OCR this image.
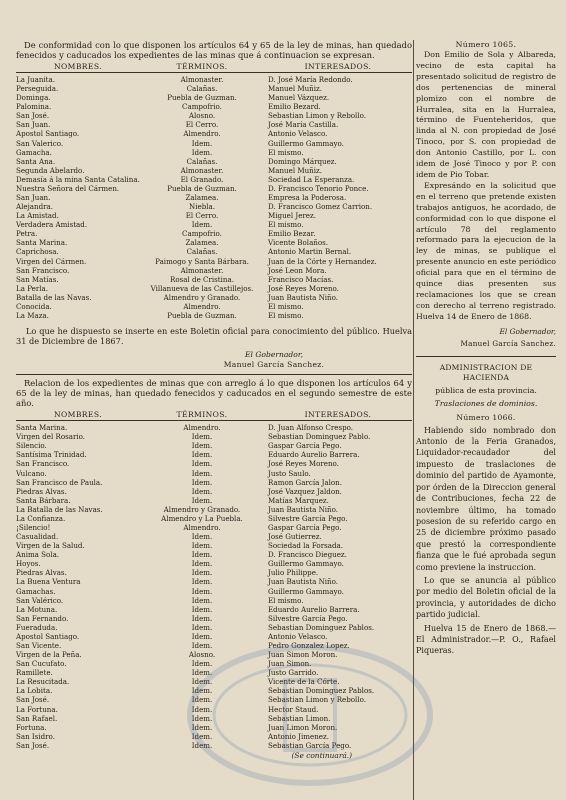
De conformidad con lo que disponen los artículos 64 y 65 de la ley de minas, han quedado fenecidos y caducados los expedientes de las minas que á continuacion se expresan.

NOMBRES.	TÉRMINOS.	INTERESADOS.
La Juanita.	Almonaster.	D. José María Redondo.
Perseguida.	Calañas.	Manuel Muñiz.
Dominga.	Puebla de Guzman.	Manuel Vázquez.
Palomina.	Campofrio.	Emilio Bezard.
San José.	Alosno.	Sebastian Limon y Rebollo.
San Juan.	El Cerro.	José María Castilla.
Apostol Santiago.	Almendro.	Antonio Velasco.
San Valerico.	Idem.	Guillermo Gammayo.
Gamacha.	Idem.	El mismo.
Santa Ana.	Calañas.	Domingo Márquez.
Segunda Abelardo.	Almonaster.	Manuel Muñiz.
Demasía á la mina Santa Catalina.	El Granado.	Sociedad La Esperanza.
Nuestra Señora del Cármen.	Puebla de Guzman.	D. Francisco Tenorio Ponce.
San Juan.	Zalamea.	Empresa la Poderosa.
Alejandra.	Niebla.	D. Francisco Gomez Carrion.
La Amistad.	El Cerro.	Miguel Jerez.
Verdadera Amistad.	Idem.	El mismo.
Petra.	Campofrio.	Emilio Bezar.
Santa Marina.	Zalamea.	Vicente Bolaños.
Caprichosa.	Calañas.	Antonio Martin Bernal.
Virgen del Cármen.	Paimogo y Santa Bárbara.	Juan de la Córte y Hernandez.
San Francisco.	Almonaster.	José Leon Mora.
San Matías.	Rosal de Cristina.	Francisco Macías.
La Perla.	Villanueva de las Castillejos.	José Reyes Moreno.
Batalla de las Navas.	Almendro y Granado.	Juan Bautista Niño.
Conocida.	Almendro.	El mismo.
La Maza.	Puebla de Guzman.	El mismo.

Lo que he dispuesto se inserte en este Boletin oficial para conocimiento del público. Huelva 31 de Diciembre de 1867.

El Gobernador,
Manuel García Sanchez.

Relacion de los expedientes de minas que con arreglo á lo que disponen los artículos 64 y 65 de la ley de minas, han quedado fenecidos y caducados en el segundo semestre de este año.

NOMBRES.	TÉRMINOS.	INTERESADOS.
Santa Marina.	Almendro.	D. Juan Alfonso Crespo.
Virgen del Rosario.	Idem.	Sebastian Dominguez Pablo.
Silencio.	Idem.	Gaspar García Pego.
Santísima Trinidad.	Idem.	Eduardo Aurelio Barrera.
San Francisco.	Idem.	José Reyes Moreno.
Vulcano.	Idem.	Justo Saulo.
San Francisco de Paula.	Idem.	Ramon García Jalon.
Piedras Alvas.	Idem.	José Vazquez Jaldon.
Santa Bárbara.	Idem.	Matías Marquez.
La Batalla de las Navas.	Almendro y Granado.	Juan Bautista Niño.
La Confianza.	Almendro y La Puebla.	Silvestre García Pego.
¡Silencio!	Almendro.	Gaspar García Pego.
Casualidad.	Idem.	José Gutierrez.
Virgen de la Salud.	Idem.	Sociedad la Forsada.
Anima Sola.	Idem.	D. Francisco Dieguez.
Hoyos.	Idem.	Guillermo Gammayo.
Piedras Alvas.	Idem.	Julio Philippe.
La Buena Ventura	Idem.	Juan Bautista Niño.
Gamachas.	Idem.	Guillermo Gammayo.
San Valérico.	Idem.	El mismo.
La Motuna.	Idem.	Eduardo Aurelio Barrera.
San Fernando.	Idem.	Silvestre García Pego.
Fueraduda.	Idem.	Sebastian Dominguez Pablos.
Apostol Santiago.	Idem.	Antonio Velasco.
San Vicente.	Idem.	Pedro Gonzalez Lopez.
Virgen de la Peña.	Alosno.	Juan Simon Moron.
San Cucufato.	Idem.	Juan Simon.
Ramillete.	Idem.	Justo Garrido.
La Resucitada.	Idem.	Vicente de la Córte.
La Lobita.	Idem.	Sebastian Dominguez Pablos.
San José.	Idem.	Sebastian Limon y Rebollo.
La Fortuna.	Idem.	Hector Staud.
San Rafael.	Idem.	Sebastian Limon.
Fortuna.	Idem.	Juan Limon Moron.
San Isidro.	Idem.	Antonio Jimenez.
San José.	Idem.	Sebastian García Pego.
(Se continuará.)
Número 1065.

Don Emilio de Sola y Albareda, vecino de esta capital ha presentado solicitud de registro de dos pertenencias de mineral plomizo con el nombre de Hurralea, sita en la Hurralea, término de Fuenteheridos, que linda al N. con propiedad de José Tinoco, por S. con propiedad de don Antonio Castillo, por L. con idem de José Tinoco y por P. con idem de Pio Tobar.

Expresándo en la solicitud que en el terreno que pretende existen trabajos antiguos, he acordado, de conformidad con lo que dispone el artículo 78 del reglamento reformado para la ejecucion de la ley de minas, se publique el presente anuncio en este periódico oficial para que en el término de quince dias presenten sus reclamaciones los que se crean con derecho al terreno registrado. Huelva 14 de Enero de 1868.

El Gobernador,
Manuel García Sanchez.
ADMINISTRACION DE HACIENDA
pública de esta provincia.
Traslaciones de dominios.
Número 1066.

Habiendo sido nombrado don Antonio de la Feria Granados, Liquidador-recaudador del impuesto de traslaciones de dominio del partido de Ayamonte, por órden de la Direccion general de Contribuciones, fecha 22 de noviembre último, ha tomado posesion de su referido cargo en 25 de diciembre próximo pasado que prestó la correspondiente fianza que le fué aprobada segun como previene la instruccion.

Lo que se anuncia al público por medio del Boletin oficial de la provincia, y autoridades de dicho partido judicial.

Huelva 15 de Enero de 1868.—El Administrador.—P. O., Rafael Piqueras.
